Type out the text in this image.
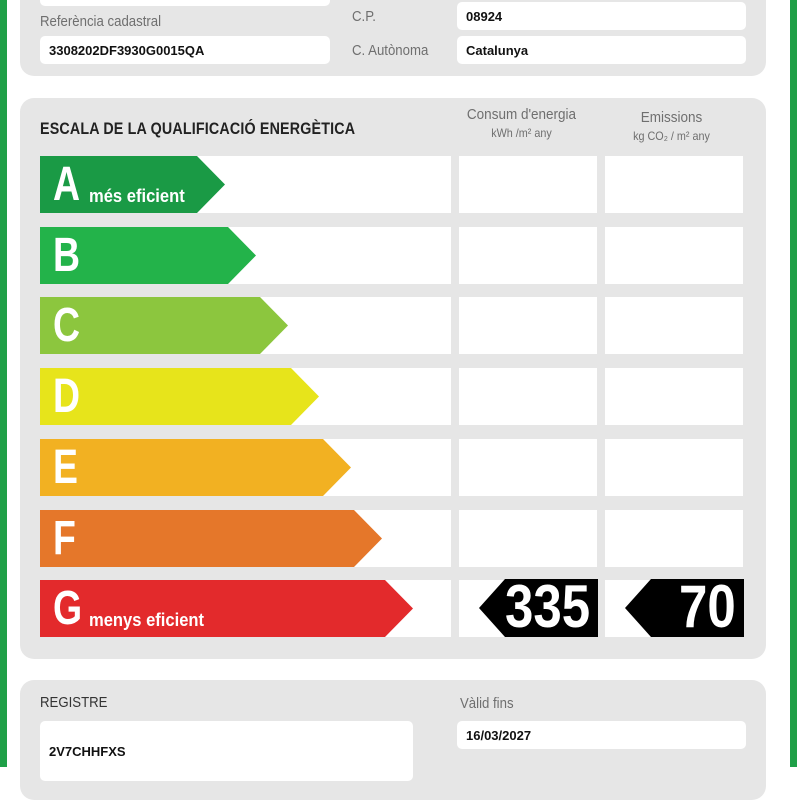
Referència cadastral
3308202DF3930G0015QA
C.P.	08924
C. Autònoma	Catalunya
ESCALA DE LA QUALIFICACIÓ ENERGÈTICA
Consum d'energia
kWh /m² any
Emissions
kg CO₂ / m² any
A més eficient
B
C
D
E
F
G menys eficient	335 70
REGISTRE
2V7CHHFXS
Vàlid fins
16/03/2027
